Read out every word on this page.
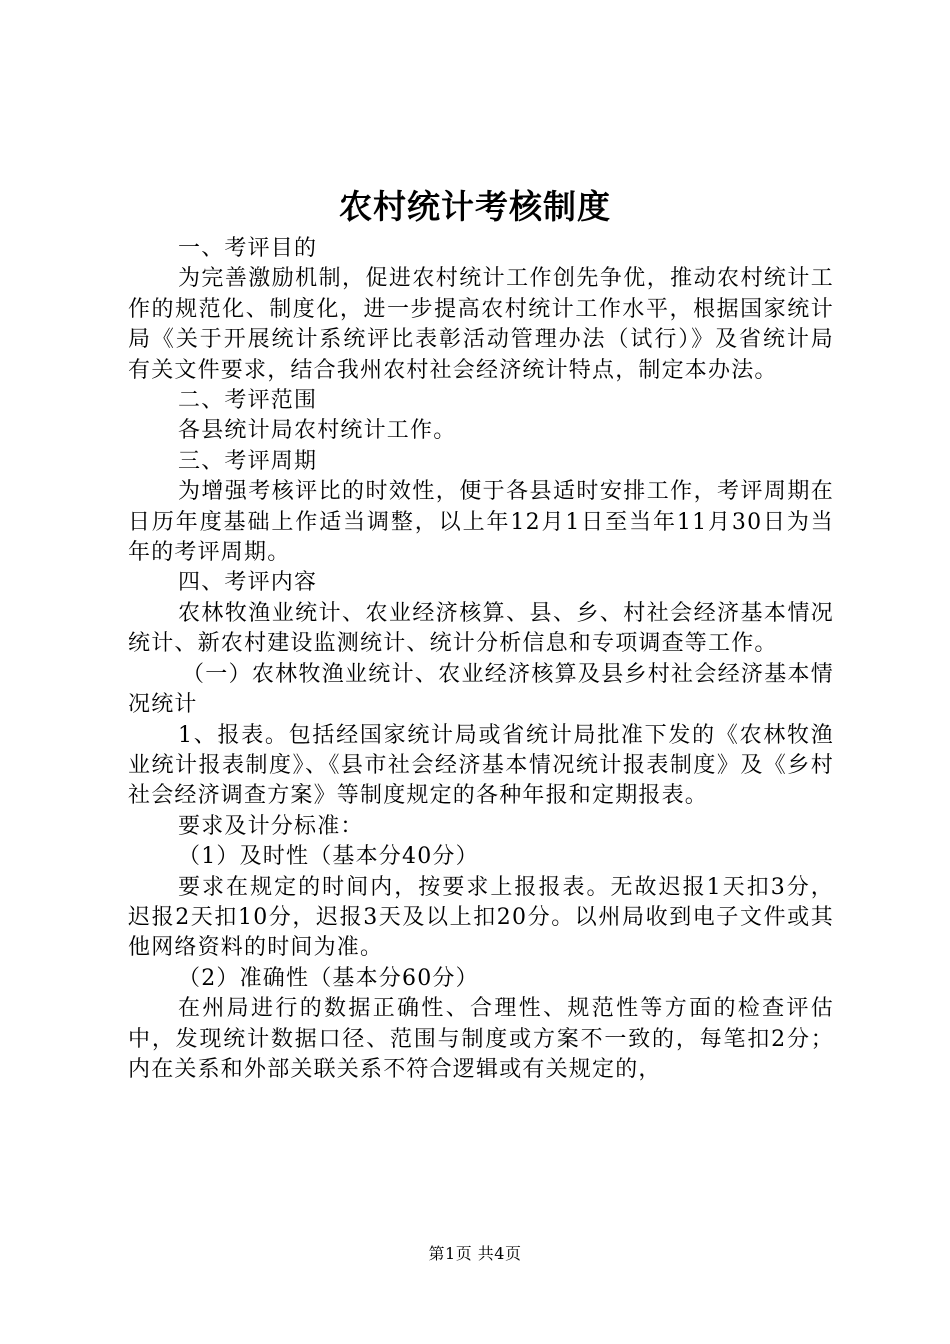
农村统计考核制度

一、考评目的

为完善激励机制，促进农村统计工作创先争优，推动农村统计工作的规范化、制度化，进一步提高农村统计工作水平，根据国家统计局《关于开展统计系统评比表彰活动管理办法（试行）》及省统计局有关文件要求，结合我州农村社会经济统计特点，制定本办法。

二、考评范围

各县统计局农村统计工作。

三、考评周期

为增强考核评比的时效性，便于各县适时安排工作，考评周期在日历年度基础上作适当调整，以上年12月1日至当年11月30日为当年的考评周期。

四、考评内容

农林牧渔业统计、农业经济核算、县、乡、村社会经济基本情况统计、新农村建设监测统计、统计分析信息和专项调查等工作。

（一）农林牧渔业统计、农业经济核算及县乡村社会经济基本情况统计

1、报表。包括经国家统计局或省统计局批准下发的《农林牧渔业统计报表制度》、《县市社会经济基本情况统计报表制度》及《乡村社会经济调查方案》等制度规定的各种年报和定期报表。

要求及计分标准：

（1）及时性（基本分40分）

要求在规定的时间内，按要求上报报表。无故迟报1天扣3分，迟报2天扣10分，迟报3天及以上扣20分。以州局收到电子文件或其他网络资料的时间为准。

（2）准确性（基本分60分）

在州局进行的数据正确性、合理性、规范性等方面的检查评估中，发现统计数据口径、范围与制度或方案不一致的，每笔扣2分；内在关系和外部关联关系不符合逻辑或有关规定的，

第1页 共4页
